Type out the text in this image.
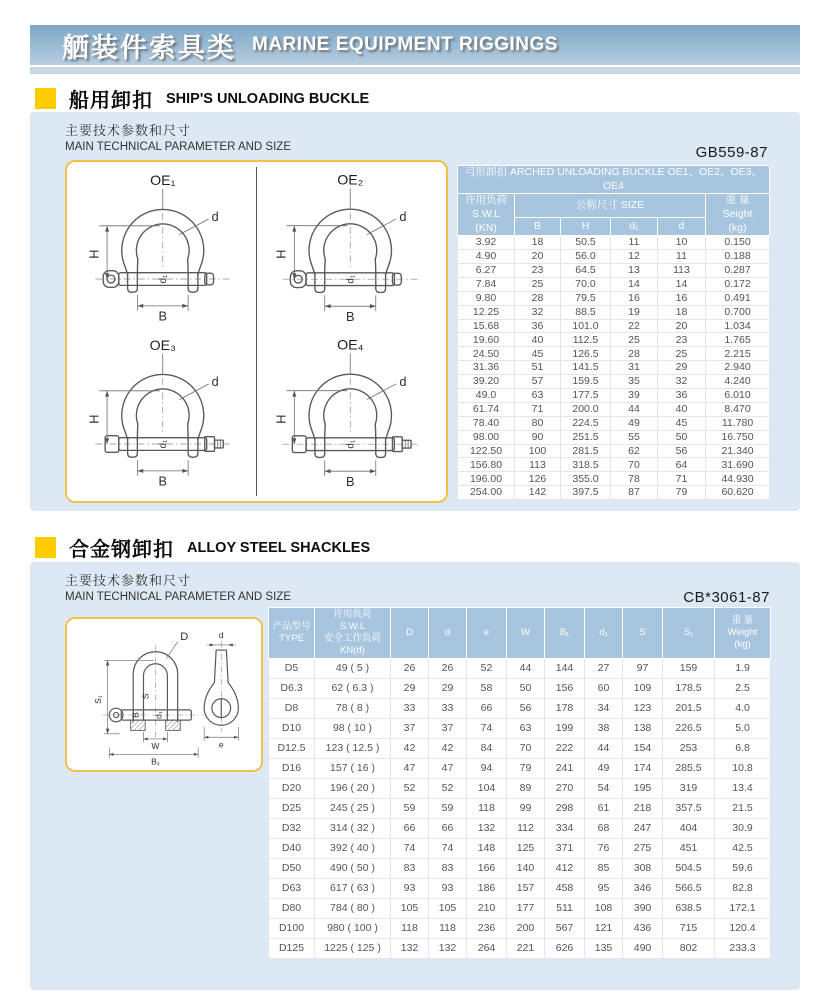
舾装件索具类 MARINE EQUIPMENT RIGGINGS
船用卸扣 SHIP'S UNLOADING BUCKLE
主要技术参数和尺寸
MAIN TECHNICAL PARAMETER AND SIZE	GB559-87
OE₁
H
B
d
d₁
OE₂
H
B
d
d₁
OE₃
H
B
d
d₁
OE₄
H
B
d
d₁
弓形卸扣 ARCHED UNLOADING BUCKLE OE1、OE2、OE3、OE4					

许用负荷
S.W.L
(KN)
	公称尺寸 SIZE	重 量
Seight
(kg)

	B	H	d₁	d	
3.92	18	50.5	11	10	0.150
4.90	20	56.0	12	11	0.188
6.27	23	64.5	13	113	0.287
7.84	25	70.0	14	14	0.172
9.80	28	79.5	16	16	0.491
12.25	32	88.5	19	18	0.700
15.68	36	101.0	22	20	1.034
19.60	40	112.5	25	23	1.765
24.50	45	126.5	28	25	2.215
31.36	51	141.5	31	29	2.940
39.20	57	159.5	35	32	4.240
49.0	63	177.5	39	36	6.010
61.74	71	200.0	44	40	8.470
78.40	80	224.5	49	45	11.780
98.00	90	251.5	55	50	16.750
122.50	100	281.5	62	56	21.340
156.80	113	318.5	70	64	31.690
196.00	126	355.0	78	71	44.930
254.00	142	397.5	87	79	60.620
合金钢卸扣 ALLOY STEEL SHACKLES
主要技术参数和尺寸
MAIN TECHNICAL PARAMETER AND SIZE	CB*3061-87
D
S₁	S
B d₁
W
B₁
d
e
产品型号
TYPE

许用负荷
S.W.L
安全工作负荷
KN(tf)
	D	d	e	W	B₁	d₁	S	S₁	
重 量
Weight
(kg)

D5	49 ( 5 )	26	26	52	44	144	27	97	159	1.9
D6.3	62 ( 6.3 )	29	29	58	50	156	60	109	178.5	2.5
D8	78 ( 8 )	33	33	66	56	178	34	123	201.5	4.0
D10	98 ( 10 )	37	37	74	63	199	38	138	226.5	5.0
D12.5	123 ( 12.5 )	42	42	84	70	222	44	154	253	6.8
D16	157 ( 16 )	47	47	94	79	241	49	174	285.5	10.8
D20	196 ( 20 )	52	52	104	89	270	54	195	319	13.4
D25	245 ( 25 )	59	59	118	99	298	61	218	357.5	21.5
D32	314 ( 32 )	66	66	132	112	334	68	247	404	30.9
D40	392 ( 40 )	74	74	148	125	371	76	275	451	42.5
D50	490 ( 50 )	83	83	166	140	412	85	308	504.5	59.6
D63	617 ( 63 )	93	93	186	157	458	95	346	566.5	82.8
D80	784 ( 80 )	105	105	210	177	511	108	390	638.5	172.1
D100	980 ( 100 )	118	118	236	200	567	121	436	715	120.4
D125	1225 ( 125 )	132	132	264	221	626	135	490	802	233.3
